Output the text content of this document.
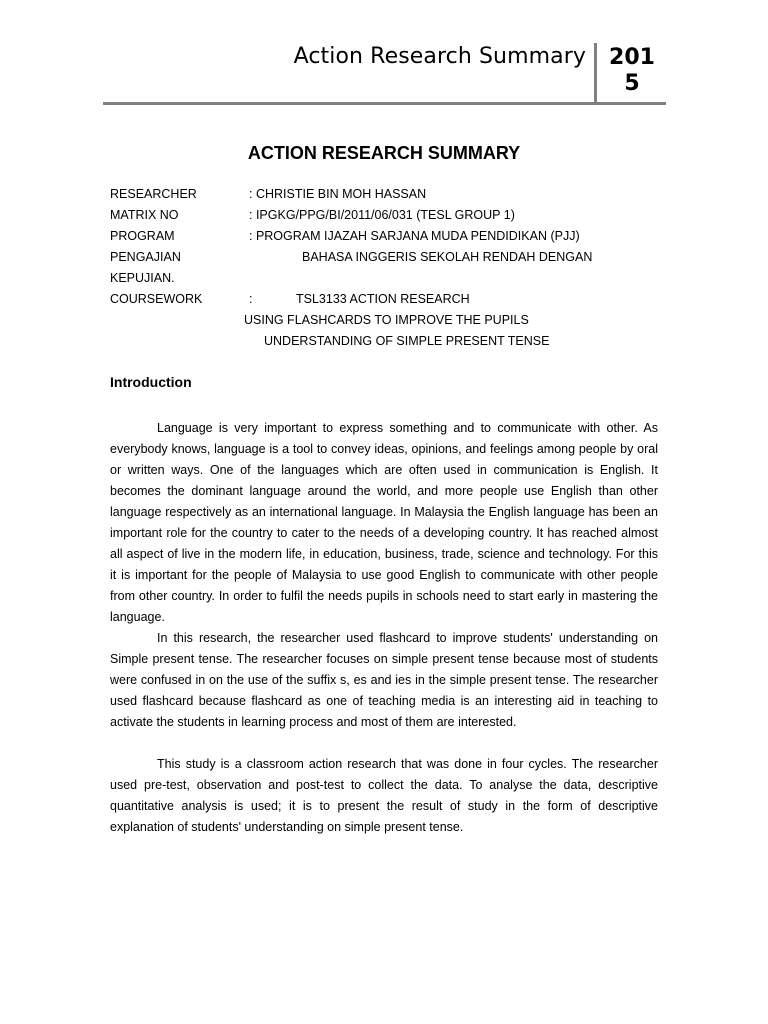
Action Research Summary 2015
ACTION RESEARCH SUMMARY
RESEARCHER	: CHRISTIE BIN MOH HASSAN
MATRIX NO	: IPGKG/PPG/BI/2011/06/031 (TESL GROUP 1)
PROGRAM	: PROGRAM IJAZAH SARJANA MUDA PENDIDIKAN (PJJ)
PENGAJIAN	BAHASA INGGERIS SEKOLAH RENDAH DENGAN
KEPUJIAN.
COURSEWORK	:	TSL3133 ACTION RESEARCH
USING FLASHCARDS TO IMPROVE THE PUPILS
UNDERSTANDING OF SIMPLE PRESENT TENSE
Introduction

Language is very important to express something and to communicate with other. As everybody knows, language is a tool to convey ideas, opinions, and feelings among people by oral or written ways. One of the languages which are often used in communication is English. It becomes the dominant language around the world, and more people use English than other language respectively as an international language. In Malaysia the English language has been an important role for the country to cater to the needs of a developing country. It has reached almost all aspect of live in the modern life, in education, business, trade, science and technology. For this it is important for the people of Malaysia to use good English to communicate with other people from other country. In order to fulfil the needs pupils in schools need to start early in mastering the language.

In this research, the researcher used flashcard to improve students' understanding on Simple present tense. The researcher focuses on simple present tense because most of students were confused in on the use of the suffix s, es and ies in the simple present tense. The researcher used flashcard because flashcard as one of teaching media is an interesting aid in teaching to activate the students in learning process and most of them are interested.

This study is a classroom action research that was done in four cycles. The researcher used pre-test, observation and post-test to collect the data. To analyse the data, descriptive quantitative analysis is used; it is to present the result of study in the form of descriptive explanation of students' understanding on simple present tense.
